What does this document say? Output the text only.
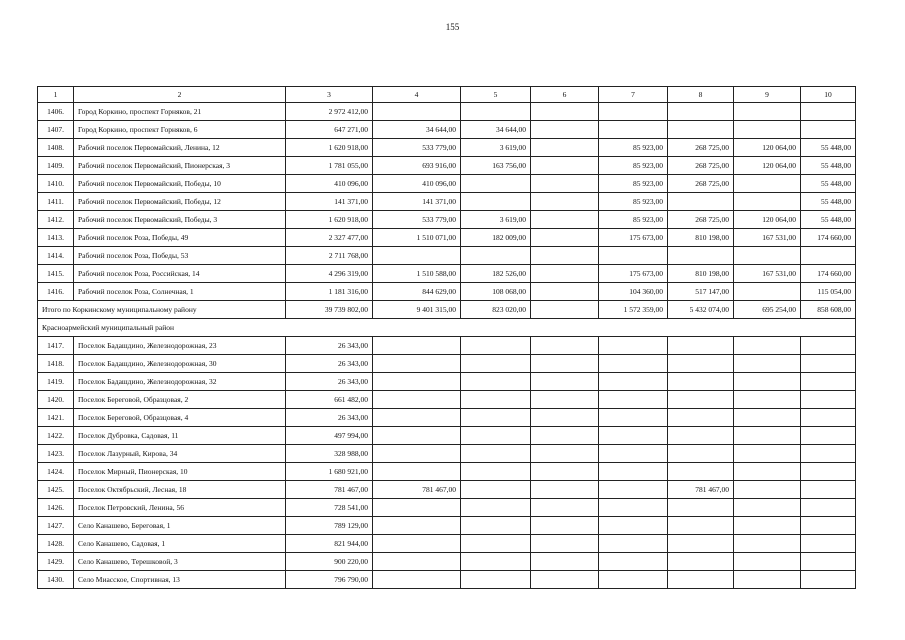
155
1	2	3	4	5	6	7	8	9	10
1406.	Город Коркино, проспект Горняков, 21	2 972 412,00							
1407.	Город Коркино, проспект Горняков, 6	647 271,00	34 644,00	34 644,00					
1408.	Рабочий поселок Первомайский, Ленина, 12	1 620 918,00	533 779,00	3 619,00		85 923,00	268 725,00	120 064,00	55 448,00
1409.	Рабочий поселок Первомайский, Пионерская, 3	1 781 055,00	693 916,00	163 756,00		85 923,00	268 725,00	120 064,00	55 448,00
1410.	Рабочий поселок Первомайский, Победы, 10	410 096,00	410 096,00			85 923,00	268 725,00		55 448,00
1411.	Рабочий поселок Первомайский, Победы, 12	141 371,00	141 371,00			85 923,00			55 448,00
1412.	Рабочий поселок Первомайский, Победы, 3	1 620 918,00	533 779,00	3 619,00		85 923,00	268 725,00	120 064,00	55 448,00
1413.	Рабочий поселок Роза, Победы, 49	2 327 477,00	1 510 071,00	182 009,00		175 673,00	810 198,00	167 531,00	174 660,00
1414.	Рабочий поселок Роза, Победы, 53	2 711 768,00							
1415.	Рабочий поселок Роза, Российская, 14	4 296 319,00	1 510 588,00	182 526,00		175 673,00	810 198,00	167 531,00	174 660,00
1416.	Рабочий поселок Роза, Солнечная, 1	1 181 316,00	844 629,00	108 068,00		104 360,00	517 147,00		115 054,00
Итого по Коркинскому муниципальному району		39 739 802,00	9 401 315,00	823 020,00		1 572 359,00	5 432 074,00	695 254,00	858 608,00
Красноармейский муниципальный район									
1417.	Поселок Бадашдино, Железнодорожная, 23	26 343,00							
1418.	Поселок Бадашдино, Железнодорожная, 30	26 343,00							
1419.	Поселок Бадашдино, Железнодорожная, 32	26 343,00							
1420.	Поселок Береговой, Образцовая, 2	661 482,00							
1421.	Поселок Береговой, Образцовая, 4	26 343,00							
1422.	Поселок Дубровка, Садовая, 11	497 994,00							
1423.	Поселок Лазурный, Кирова, 34	328 988,00							
1424.	Поселок Мирный, Пионерская, 10	1 680 921,00							
1425.	Поселок Октябрьский, Лесная, 18	781 467,00	781 467,00				781 467,00		
1426.	Поселок Петровский, Ленина, 56	728 541,00							
1427.	Село Канашево, Береговая, 1	789 129,00							
1428.	Село Канашево, Садовая, 1	821 944,00							
1429.	Село Канашево, Терешковой, 3	900 220,00							
1430.	Село Миасское, Спортивная, 13	796 790,00							
